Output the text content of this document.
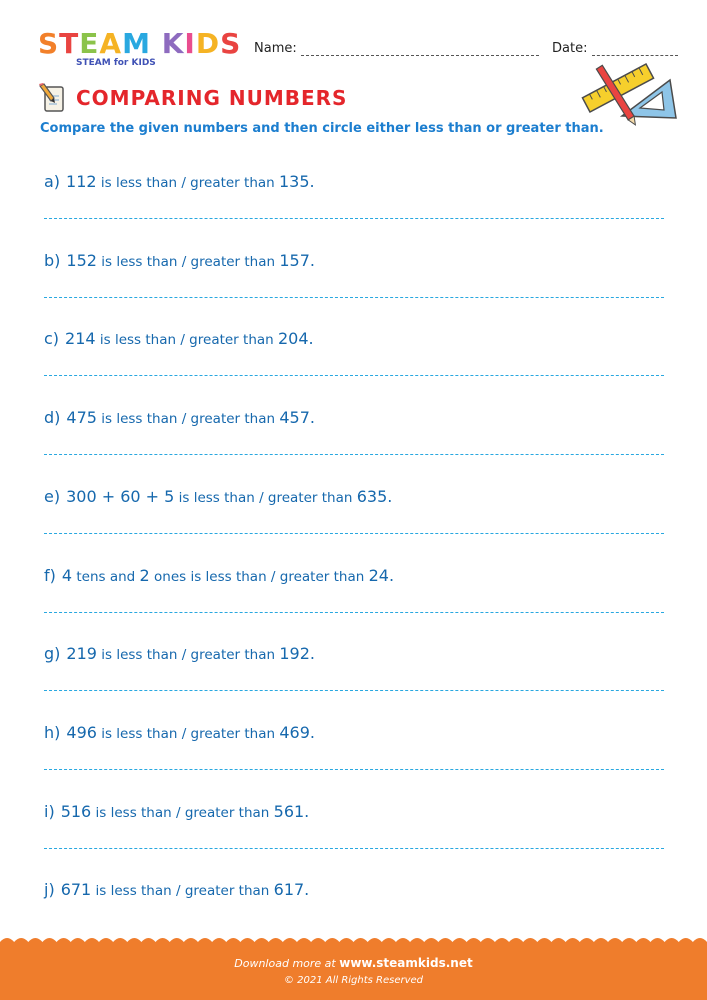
STEAM KIDS
STEAM for KIDS
Name:	Date:
COMPARING NUMBERS
Compare the given numbers and then circle either less than or greater than.
a) 112 is less than / greater than 135.
b) 152 is less than / greater than 157.
c) 214 is less than / greater than 204.
d) 475 is less than / greater than 457.
e) 300 + 60 + 5 is less than / greater than 635.
f) 4 tens and 2 ones is less than / greater than 24.
g) 219 is less than / greater than 192.
h) 496 is less than / greater than 469.
i) 516 is less than / greater than 561.
j) 671 is less than / greater than 617.
Download more at www.steamkids.net
© 2021 All Rights Reserved
